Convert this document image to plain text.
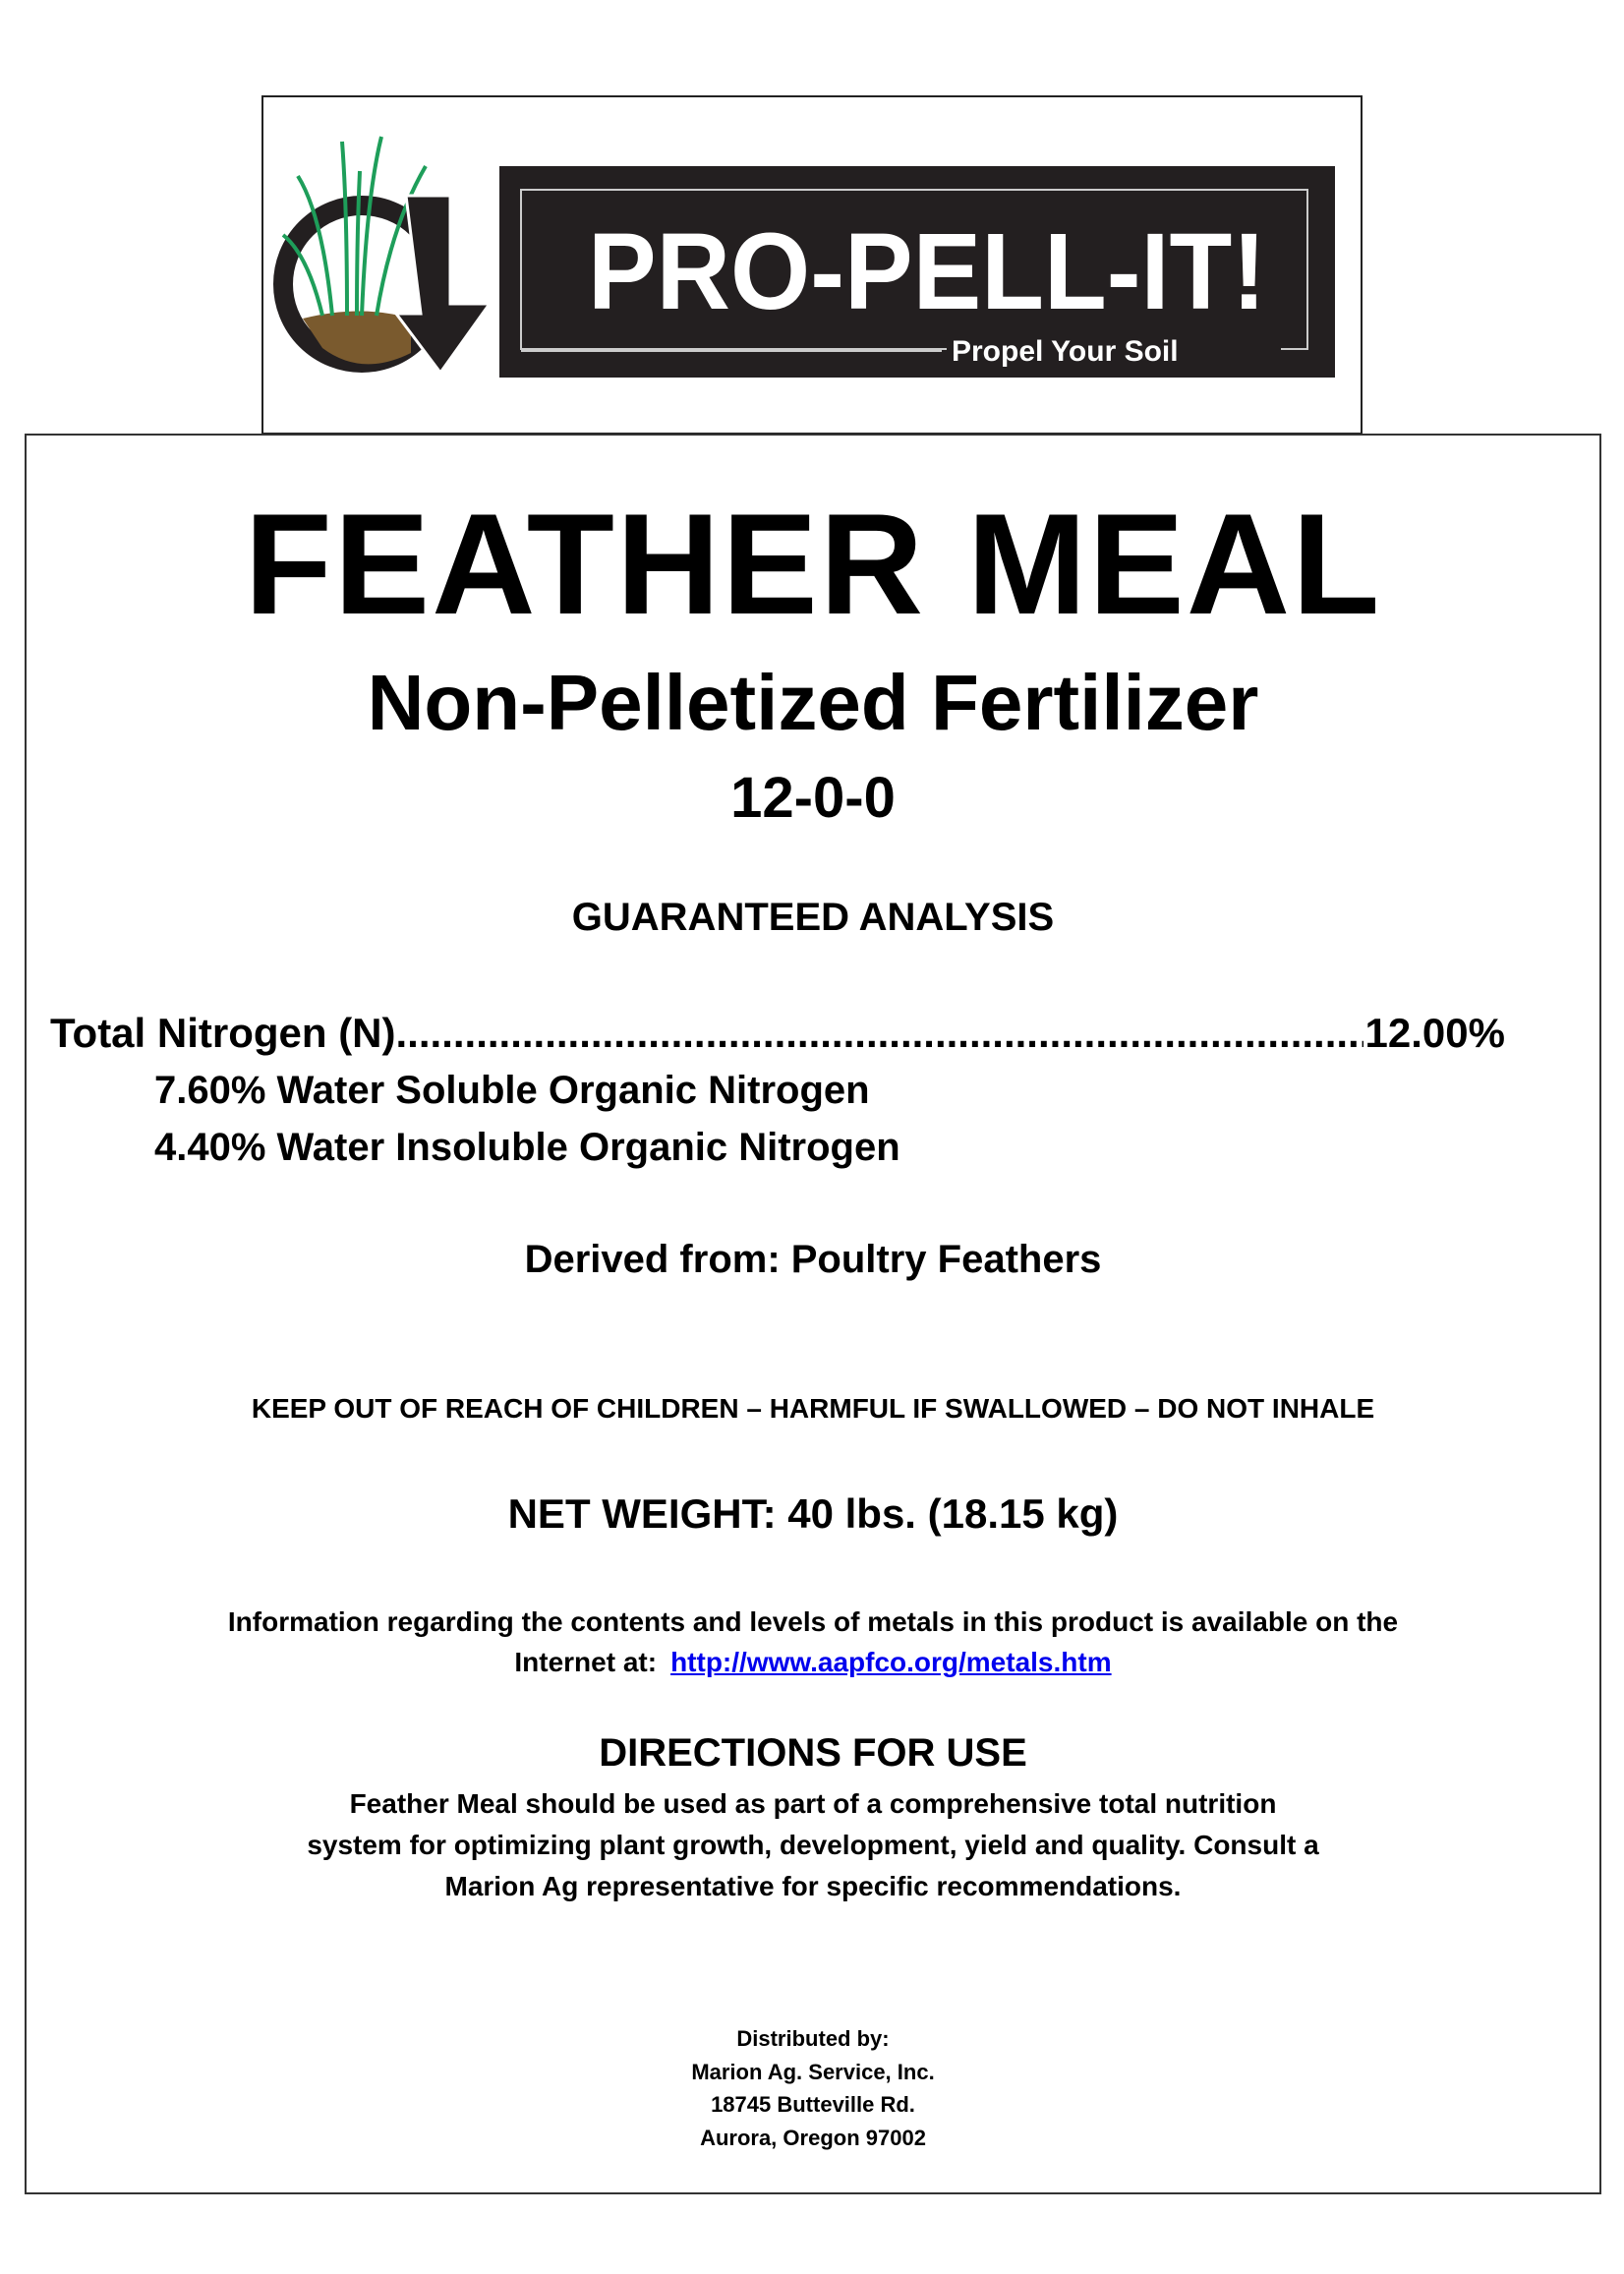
PRO-PELL-IT!
Propel Your Soil
FEATHER MEAL
Non-Pelletized Fertilizer
12-0-0
GUARANTEED ANALYSIS
Total Nitrogen (N) .....	12.00%
7.60% Water Soluble Organic Nitrogen
4.40% Water Insoluble Organic Nitrogen
Derived from: Poultry Feathers
KEEP OUT OF REACH OF CHILDREN – HARMFUL IF SWALLOWED – DO NOT INHALE
NET WEIGHT: 40 lbs. (18.15 kg)
Information regarding the contents and levels of metals in this product is available on the
Internet at: http://www.aapfco.org/metals.htm
DIRECTIONS FOR USE
Feather Meal should be used as part of a comprehensive total nutrition
system for optimizing plant growth, development, yield and quality. Consult a
Marion Ag representative for specific recommendations.
Distributed by:
Marion Ag. Service, Inc.
18745 Butteville Rd.
Aurora, Oregon 97002
